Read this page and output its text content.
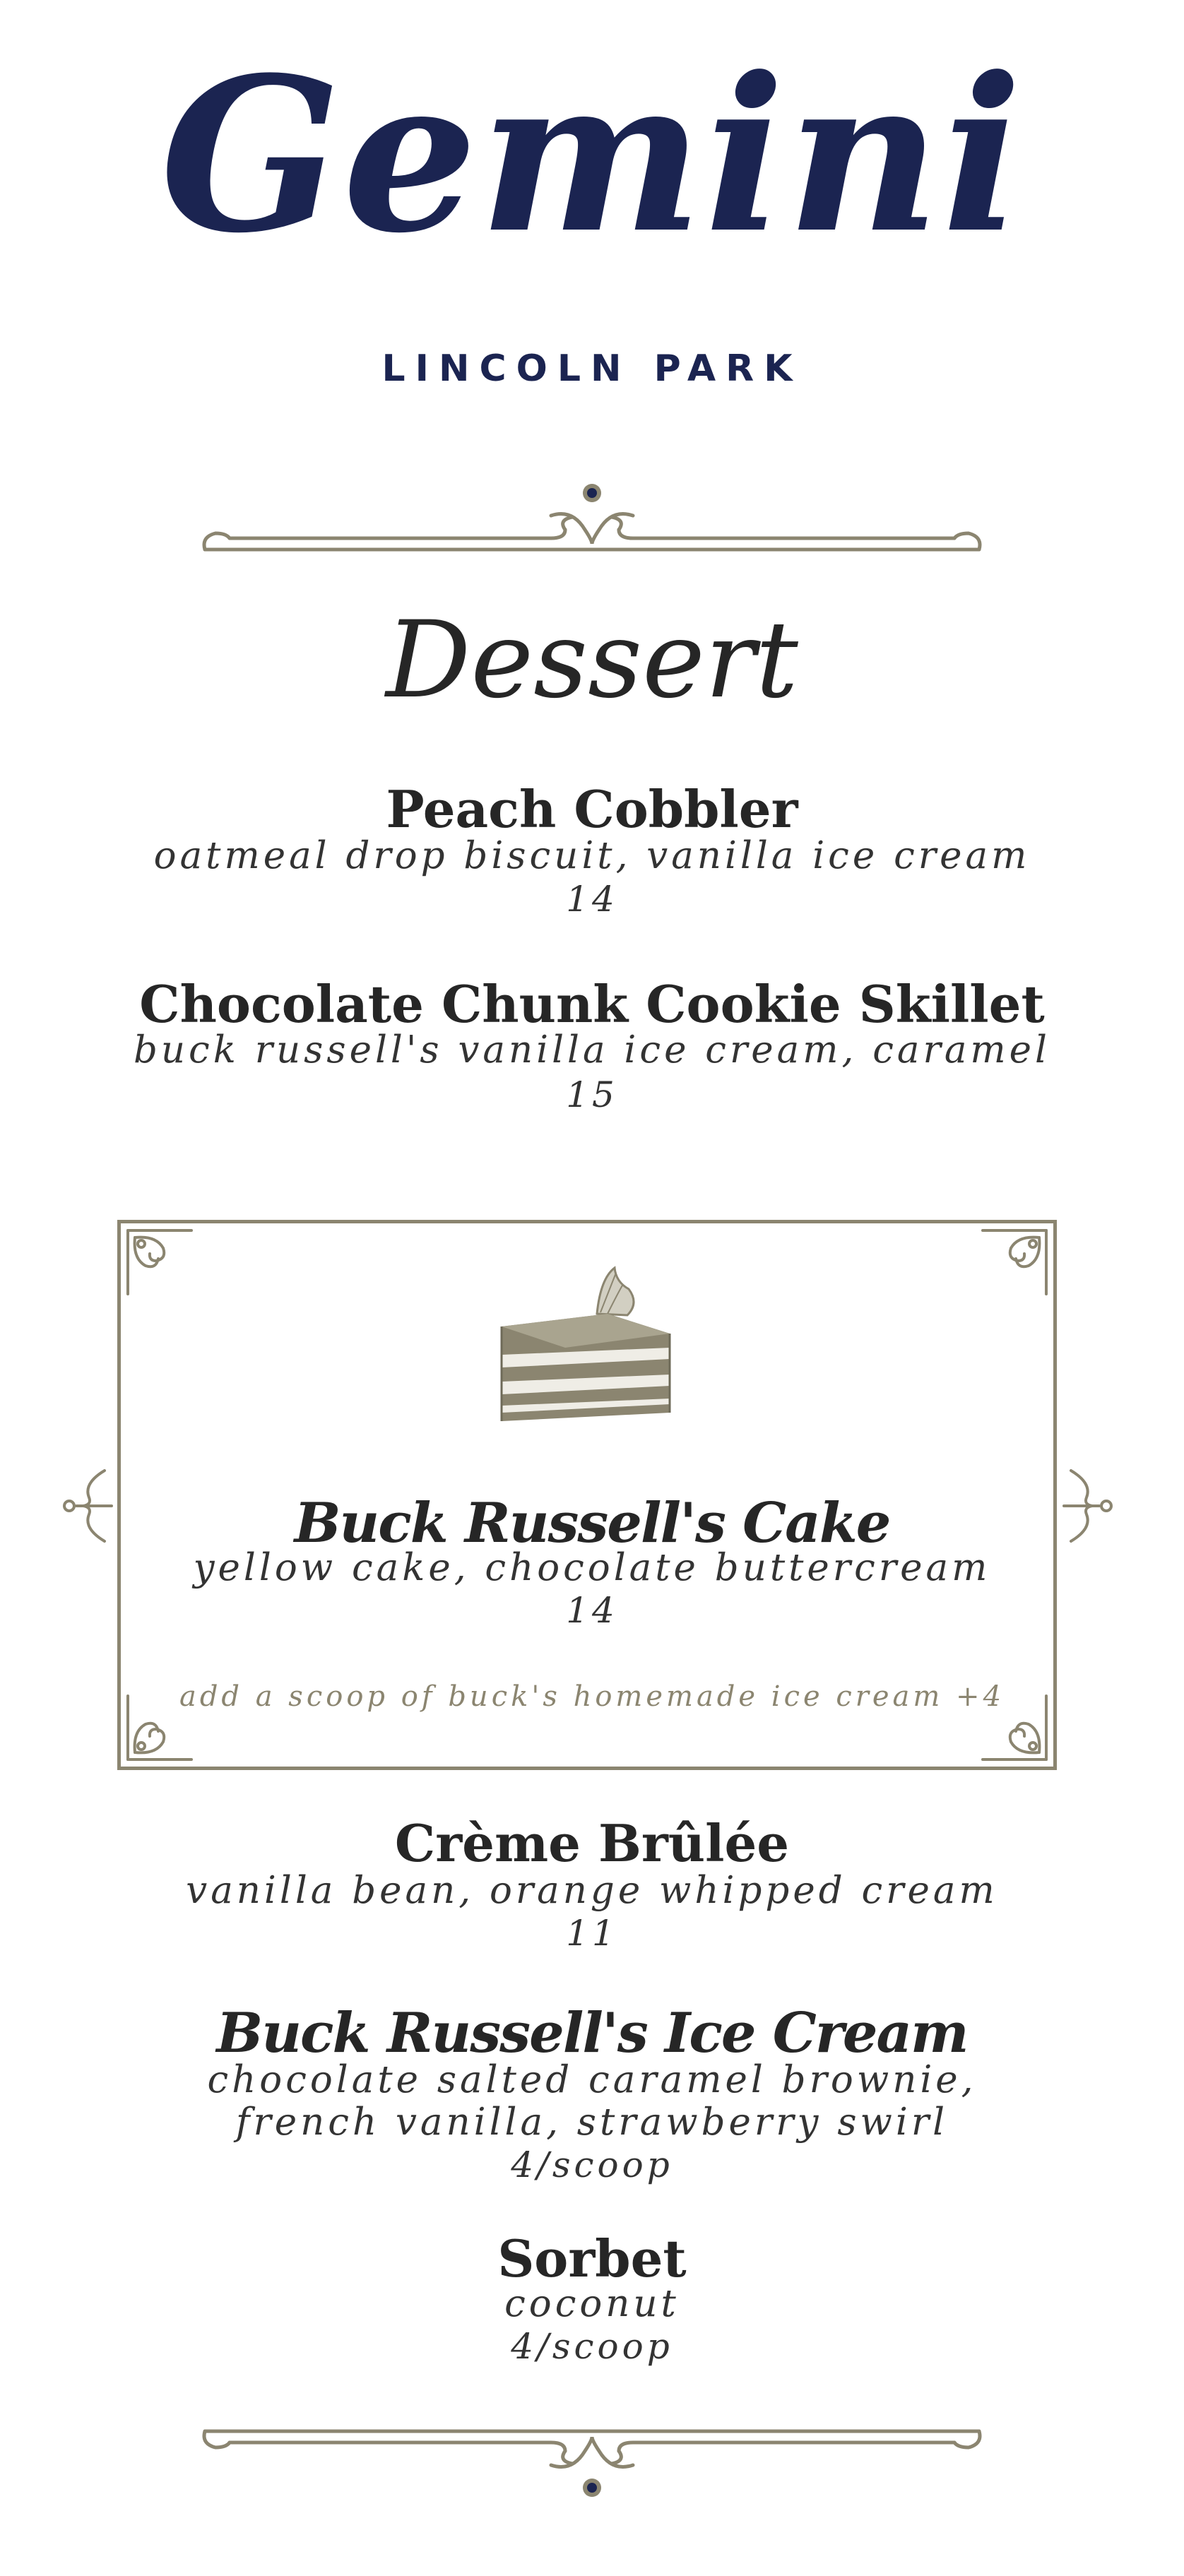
Gemini
LINCOLN PARK
Dessert
Peach Cobbler
oatmeal drop biscuit, vanilla ice cream
14
Chocolate Chunk Cookie Skillet
buck russell's vanilla ice cream, caramel
15
Buck Russell's Cake
yellow cake, chocolate buttercream
14
add a scoop of buck's homemade ice cream +4
Crème Brûlée
vanilla bean, orange whipped cream
11
Buck Russell's Ice Cream
chocolate salted caramel brownie,
french vanilla, strawberry swirl
4/scoop
Sorbet
coconut
4/scoop
